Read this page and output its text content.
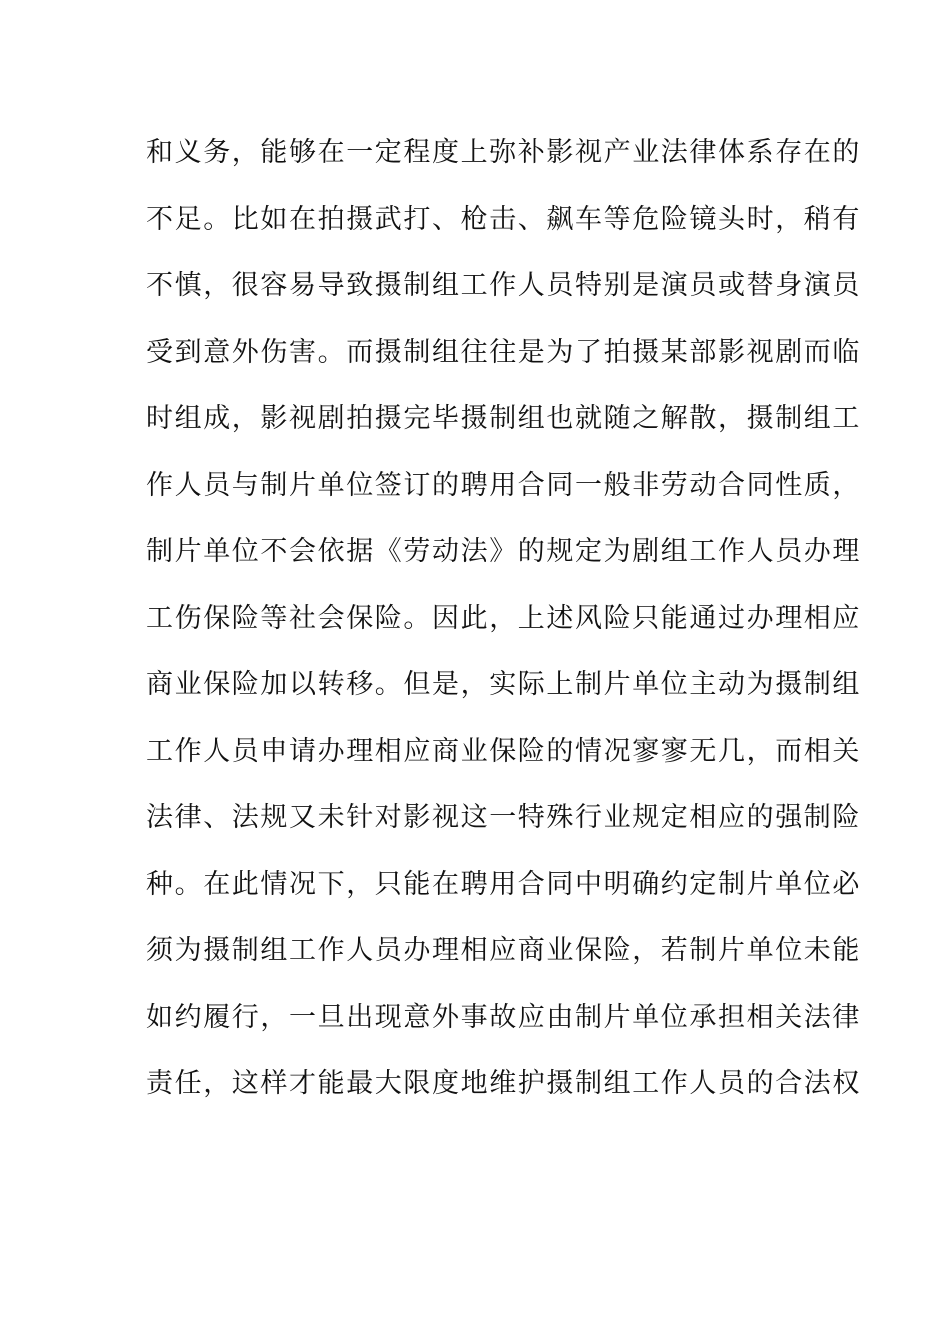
和义务，能够在一定程度上弥补影视产业法律体系存在的
不足。比如在拍摄武打、枪击、飙车等危险镜头时，稍有
不慎，很容易导致摄制组工作人员特别是演员或替身演员
受到意外伤害。而摄制组往往是为了拍摄某部影视剧而临
时组成，影视剧拍摄完毕摄制组也就随之解散，摄制组工
作人员与制片单位签订的聘用合同一般非劳动合同性质，
制片单位不会依据《劳动法》的规定为剧组工作人员办理
工伤保险等社会保险。因此，上述风险只能通过办理相应
商业保险加以转移。但是，实际上制片单位主动为摄制组
工作人员申请办理相应商业保险的情况寥寥无几，而相关
法律、法规又未针对影视这一特殊行业规定相应的强制险
种。在此情况下，只能在聘用合同中明确约定制片单位必
须为摄制组工作人员办理相应商业保险，若制片单位未能
如约履行，一旦出现意外事故应由制片单位承担相关法律
责任，这样才能最大限度地维护摄制组工作人员的合法权
